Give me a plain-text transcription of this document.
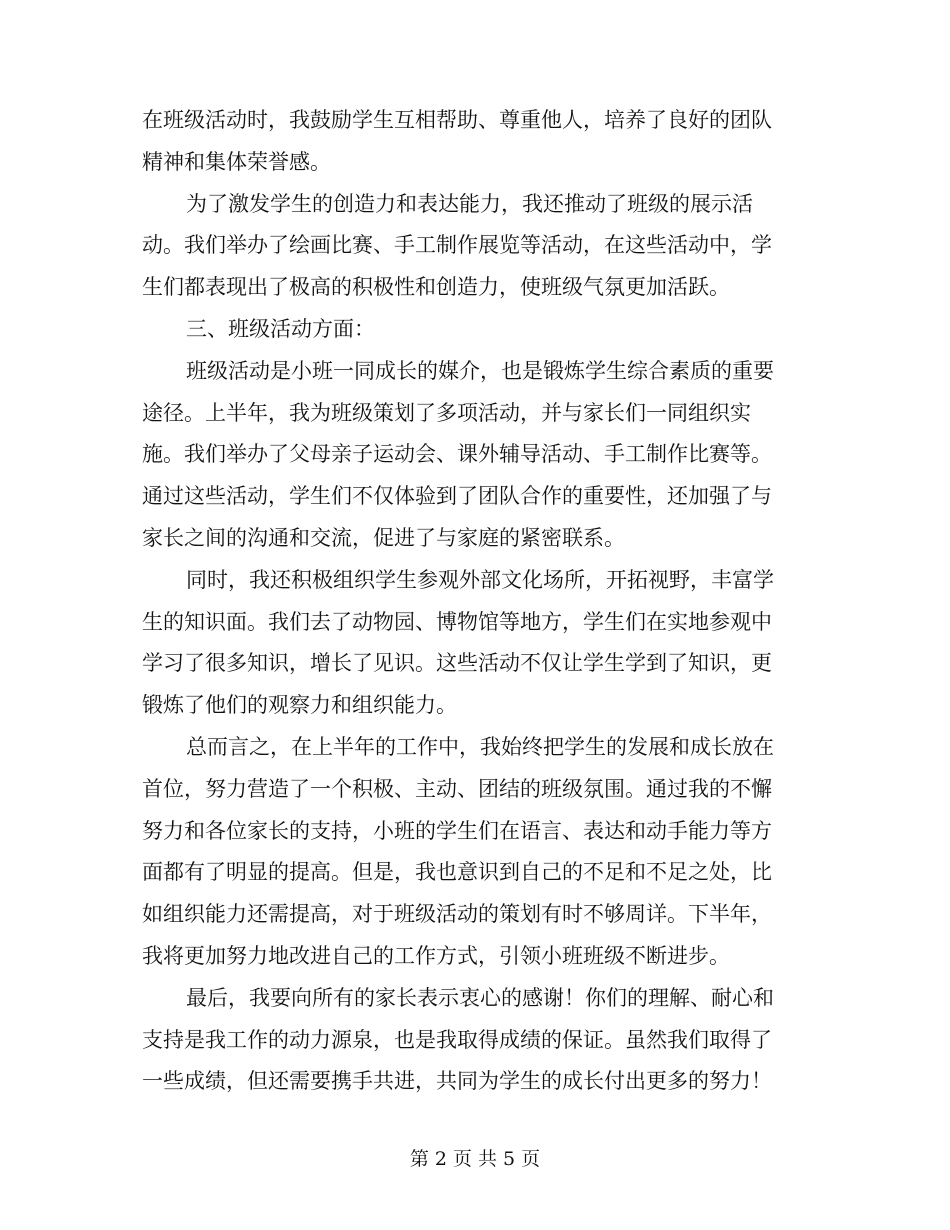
在班级活动时，我鼓励学生互相帮助、尊重他人，培养了良好的团队
精神和集体荣誉感。
为了激发学生的创造力和表达能力，我还推动了班级的展示活
动。我们举办了绘画比赛、手工制作展览等活动，在这些活动中，学
生们都表现出了极高的积极性和创造力，使班级气氛更加活跃。
三、班级活动方面：
班级活动是小班一同成长的媒介，也是锻炼学生综合素质的重要
途径。上半年，我为班级策划了多项活动，并与家长们一同组织实
施。我们举办了父母亲子运动会、课外辅导活动、手工制作比赛等。
通过这些活动，学生们不仅体验到了团队合作的重要性，还加强了与
家长之间的沟通和交流，促进了与家庭的紧密联系。
同时，我还积极组织学生参观外部文化场所，开拓视野，丰富学
生的知识面。我们去了动物园、博物馆等地方，学生们在实地参观中
学习了很多知识，增长了见识。这些活动不仅让学生学到了知识，更
锻炼了他们的观察力和组织能力。
总而言之，在上半年的工作中，我始终把学生的发展和成长放在
首位，努力营造了一个积极、主动、团结的班级氛围。通过我的不懈
努力和各位家长的支持，小班的学生们在语言、表达和动手能力等方
面都有了明显的提高。但是，我也意识到自己的不足和不足之处，比
如组织能力还需提高，对于班级活动的策划有时不够周详。下半年，
我将更加努力地改进自己的工作方式，引领小班班级不断进步。
最后，我要向所有的家长表示衷心的感谢！你们的理解、耐心和
支持是我工作的动力源泉，也是我取得成绩的保证。虽然我们取得了
一些成绩，但还需要携手共进，共同为学生的成长付出更多的努力！
第 2 页 共 5 页
